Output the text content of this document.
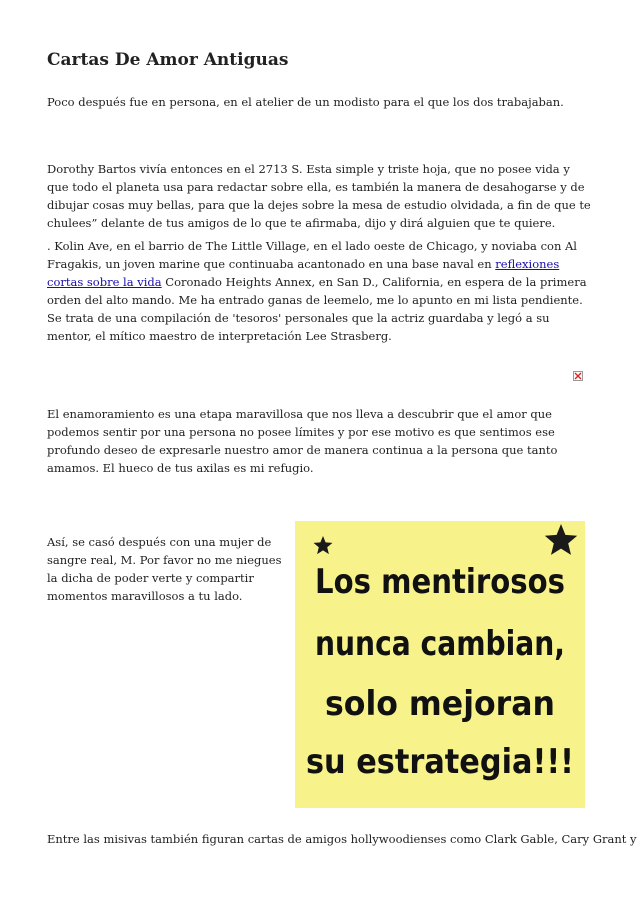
Cartas De Amor Antiguas

Poco después fue en persona, en el atelier de un modisto para el que los dos trabajaban.

Dorothy Bartos vivía entonces en el 2713 S. Esta simple y triste hoja, que no posee vida y que todo el planeta usa para redactar sobre ella, es también la manera de desahogarse y de dibujar cosas muy bellas, para que la dejes sobre la mesa de estudio olvidada, a fin de que te chulees” delante de tus amigos de lo que te afirmaba, dijo y dirá alguien que te quiere.

. Kolin Ave, en el barrio de The Little Village, en el lado oeste de Chicago, y noviaba con Al Fragakis, un joven marine que continuaba acantonado en una base naval en reflexiones cortas sobre la vida Coronado Heights Annex, en San D., California, en espera de la primera orden del alto mando. Me ha entrado ganas de leemelo, me lo apunto en mi lista pendiente. Se trata de una compilación de 'tesoros' personales que la actriz guardaba y legó a su mentor, el mítico maestro de interpretación Lee Strasberg.

El enamoramiento es una etapa maravillosa que nos lleva a descubrir que el amor que podemos sentir por una persona no posee límites y por ese motivo es que sentimos ese profundo deseo de expresarle nuestro amor de manera continua a la persona que tanto amamos. El hueco de tus axilas es mi refugio.

Así, se casó después con una mujer de sangre real, M. Por favor no me niegues la dicha de poder verte y compartir momentos maravillosos a tu lado.	Los mentirosos
nunca cambian,
solo mejoran
su estrategia!!!

Entre las misivas también figuran cartas de amigos hollywoodienses como Clark Gable, Cary Grant y
